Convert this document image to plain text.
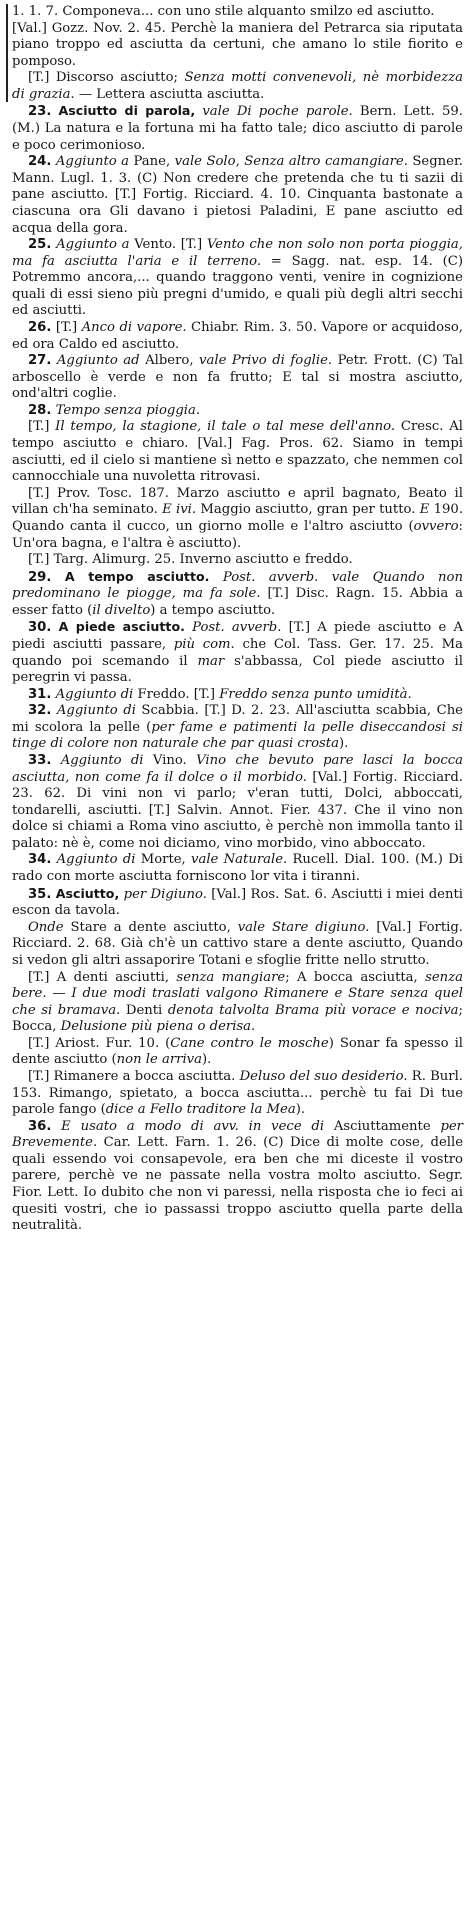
1. 1. 7. Componeva... con uno stile alquanto smilzo ed asciutto.

[Val.] Gozz. Nov. 2. 45. Perchè la maniera del Petrarca sia riputata piano troppo ed asciutta da certuni, che amano lo stile fiorito e pomposo.

[T.] Discorso asciutto; Senza motti convenevoli, nè morbidezza di grazia. — Lettera asciutta asciutta.

23. Asciutto di parola, vale Di poche parole. Bern. Lett. 59. (M.) La natura e la fortuna mi ha fatto tale; dico asciutto di parole e poco cerimonioso.

24. Aggiunto a Pane, vale Solo, Senza altro camangiare. Segner. Mann. Lugl. 1. 3. (C) Non credere che pretenda che tu ti sazii di pane asciutto. [T.] Fortig. Ricciard. 4. 10. Cinquanta bastonate a ciascuna ora Gli davano i pietosi Paladini, E pane asciutto ed acqua della gora.

25. Aggiunto a Vento. [T.] Vento che non solo non porta pioggia, ma fa asciutta l'aria e il terreno. = Sagg. nat. esp. 14. (C) Potremmo ancora,... quando traggono venti, venire in cognizione quali di essi sieno più pregni d'umido, e quali più degli altri secchi ed asciutti.

26. [T.] Anco di vapore. Chiabr. Rim. 3. 50. Vapore or acquidoso, ed ora Caldo ed asciutto.

27. Aggiunto ad Albero, vale Privo di foglie. Petr. Frott. (C) Tal arboscello è verde e non fa frutto; E tal si mostra asciutto, ond'altri coglie.

28. Tempo senza pioggia.

[T.] Il tempo, la stagione, il tale o tal mese dell'anno. Cresc. Al tempo asciutto e chiaro. [Val.] Fag. Pros. 62. Siamo in tempi asciutti, ed il cielo si mantiene sì netto e spazzato, che nemmen col cannocchiale una nuvoletta ritrovasi.

[T.] Prov. Tosc. 187. Marzo asciutto e april bagnato, Beato il villan ch'ha seminato. E ivi. Maggio asciutto, gran per tutto. E 190. Quando canta il cucco, un giorno molle e l'altro asciutto (ovvero: Un'ora bagna, e l'altra è asciutto).

[T.] Targ. Alimurg. 25. Inverno asciutto e freddo.

29. A tempo asciutto. Post. avverb. vale Quando non predominano le piogge, ma fa sole. [T.] Disc. Ragn. 15. Abbia a esser fatto (il divelto) a tempo asciutto.

30. A piede asciutto. Post. avverb. [T.] A piede asciutto e A piedi asciutti passare, più com. che Col. Tass. Ger. 17. 25. Ma quando poi scemando il mar s'abbassa, Col piede asciutto il peregrin vi passa.

31. Aggiunto di Freddo. [T.] Freddo senza punto umidità.

32. Aggiunto di Scabbia. [T.] D. 2. 23. All'asciutta scabbia, Che mi scolora la pelle (per fame e patimenti la pelle diseccandosi si tinge di colore non naturale che par quasi crosta).

33. Aggiunto di Vino. Vino che bevuto pare lasci la bocca asciutta, non come fa il dolce o il morbido. [Val.] Fortig. Ricciard. 23. 62. Di vini non vi parlo; v'eran tutti, Dolci, abboccati, tondarelli, asciutti. [T.] Salvin. Annot. Fier. 437. Che il vino non dolce si chiami a Roma vino asciutto, è perchè non immolla tanto il palato: nè è, come noi diciamo, vino morbido, vino abboccato.

34. Aggiunto di Morte, vale Naturale. Rucell. Dial. 100. (M.) Di rado con morte asciutta forniscono lor vita i tiranni.

35. Asciutto, per Digiuno. [Val.] Ros. Sat. 6. Asciutti i miei denti escon da tavola.

Onde Stare a dente asciutto, vale Stare digiuno. [Val.] Fortig. Ricciard. 2. 68. Già ch'è un cattivo stare a dente asciutto, Quando si vedon gli altri assaporire Totani e sfoglie fritte nello strutto.

[T.] A denti asciutti, senza mangiare; A bocca asciutta, senza bere. — I due modi traslati valgono Rimanere e Stare senza quel che si bramava. Denti denota talvolta Brama più vorace e nociva; Bocca, Delusione più piena o derisa.

[T.] Ariost. Fur. 10. (Cane contro le mosche) Sonar fa spesso il dente asciutto (non le arriva).

[T.] Rimanere a bocca asciutta. Deluso del suo desiderio. R. Burl. 153. Rimango, spietato, a bocca asciutta... perchè tu fai Di tue parole fango (dice a Fello traditore la Mea).

36. E usato a modo di avv. in vece di Asciuttamente per Brevemente. Car. Lett. Farn. 1. 26. (C) Dice di molte cose, delle quali essendo voi consapevole, era ben che mi diceste il vostro parere, perchè ve ne passate nella vostra molto asciutto. Segr. Fior. Lett. Io dubito che non vi paressi, nella risposta che io feci ai quesiti vostri, che io passassi troppo asciutto quella parte della neutralità.
